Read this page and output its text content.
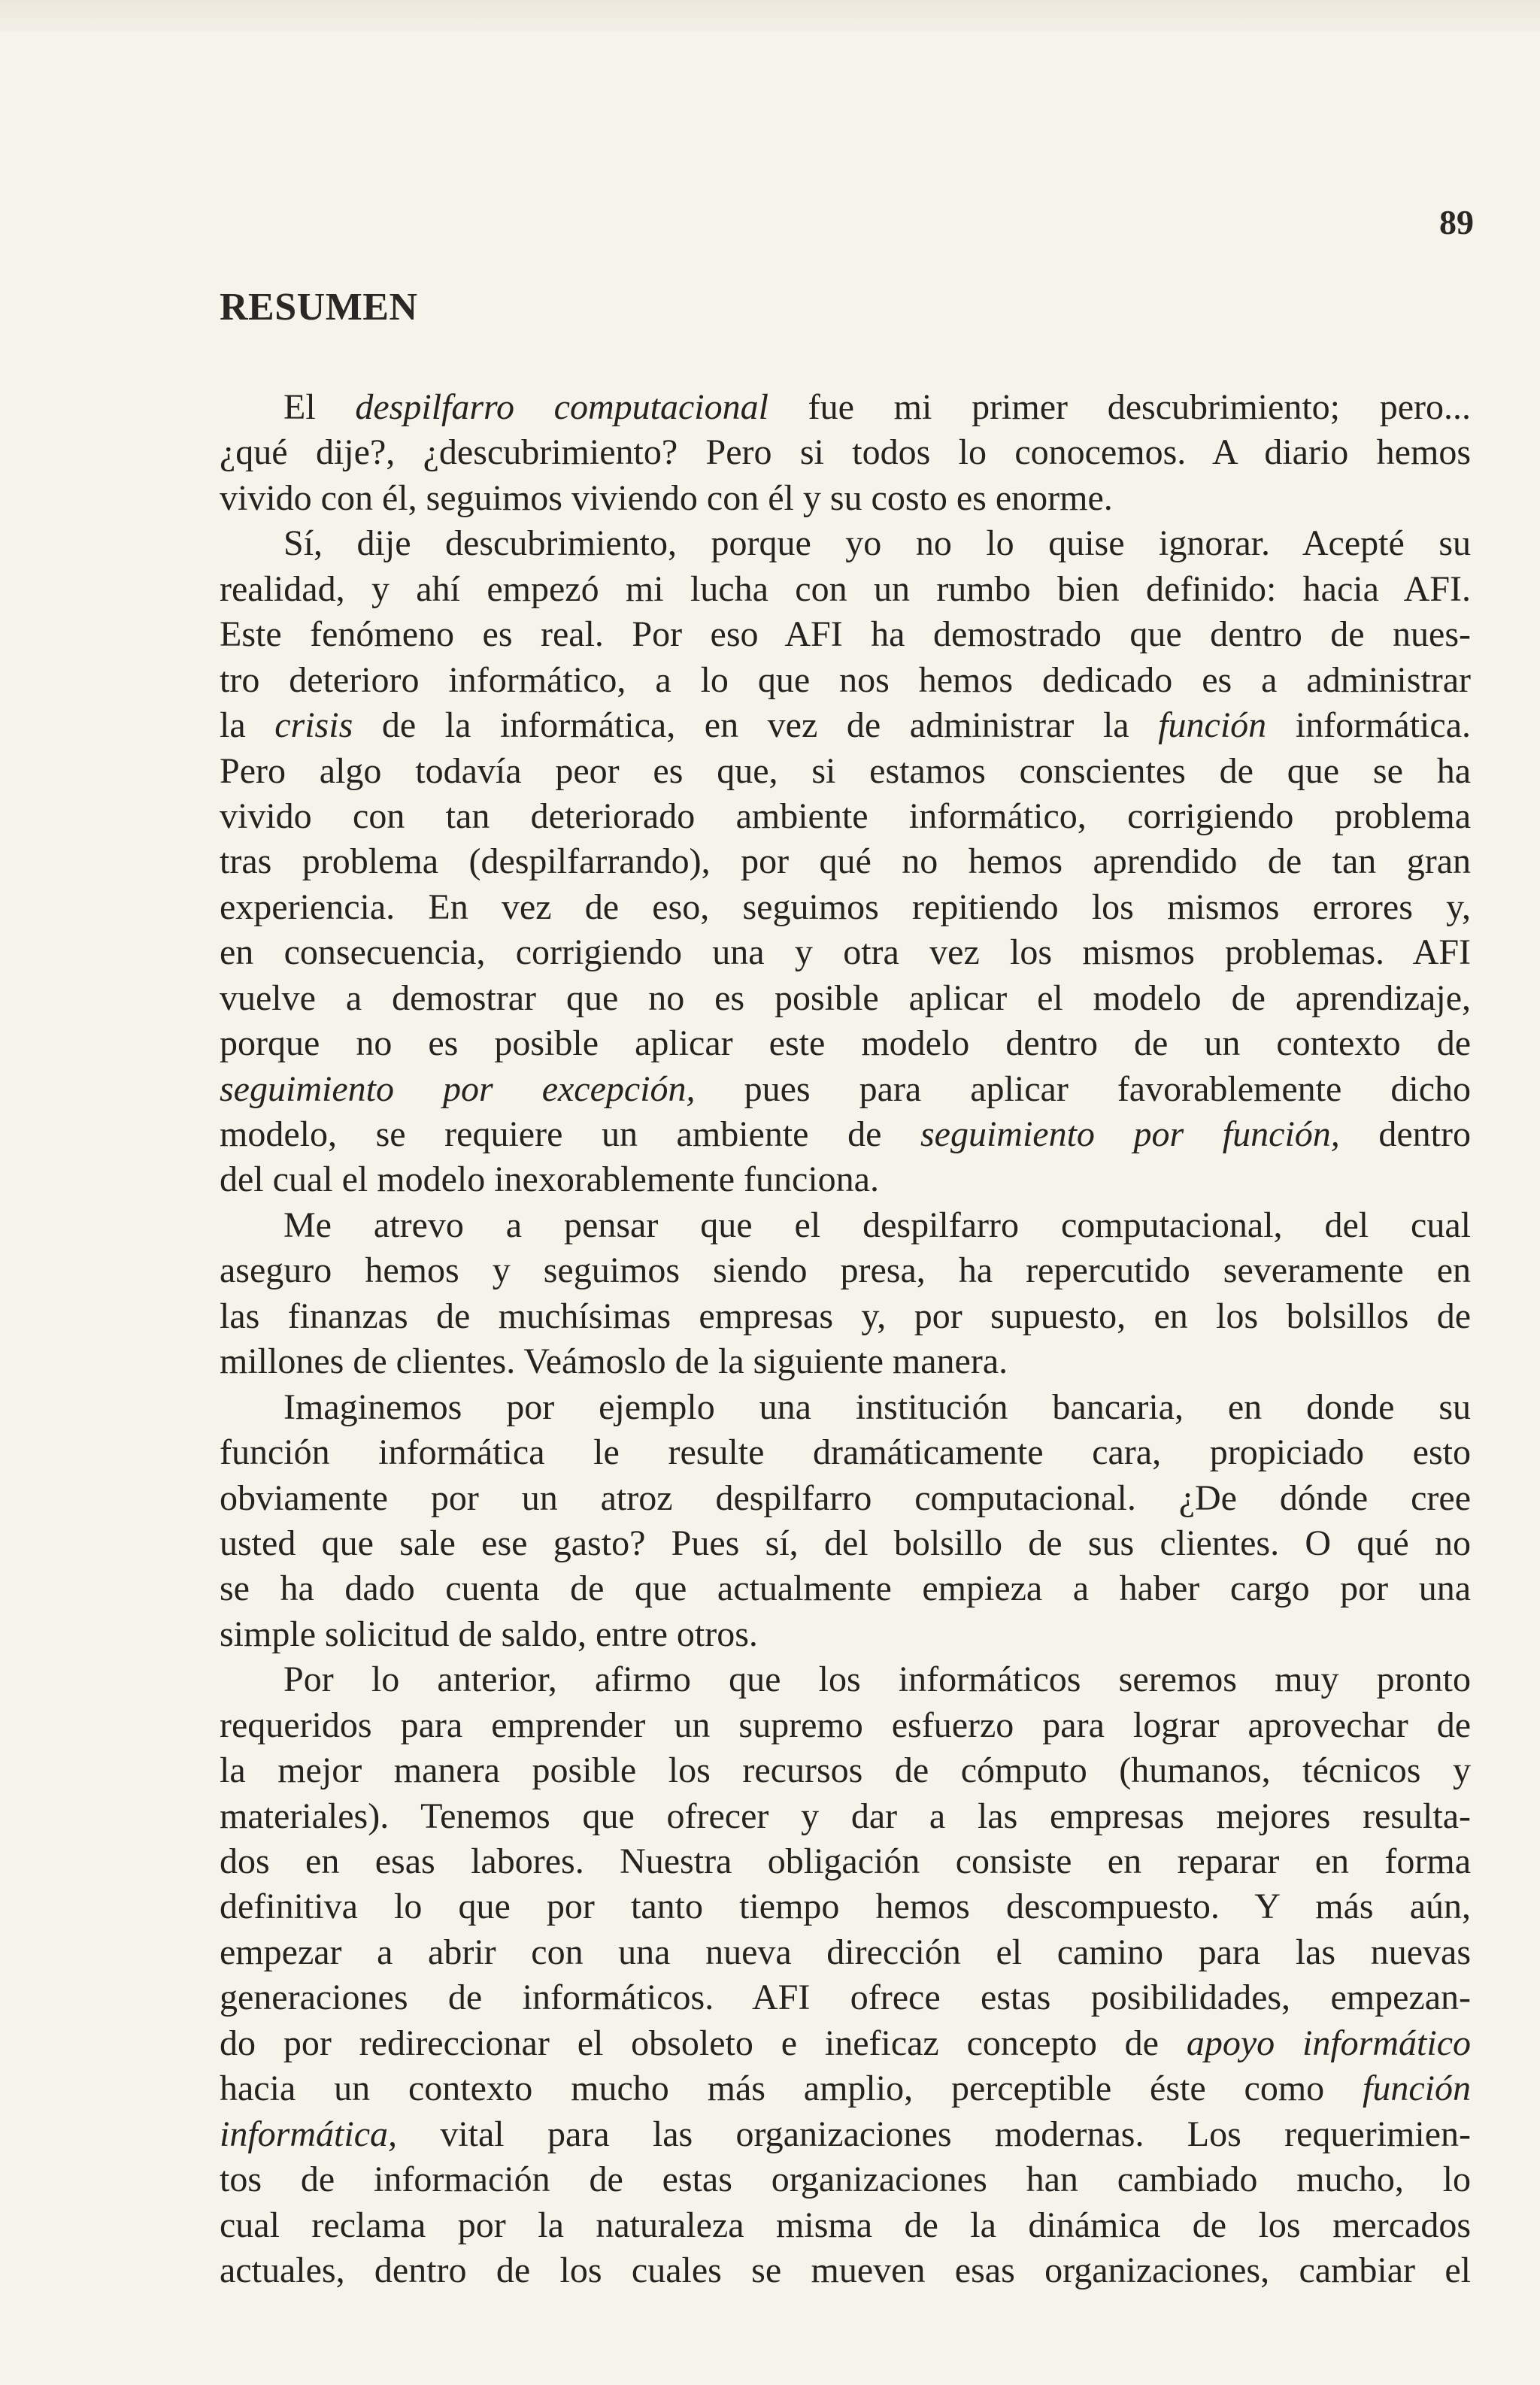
89
RESUMEN
El despilfarro computacional fue mi primer descubrimiento; pero...
¿qué dije?, ¿descubrimiento? Pero si todos lo conocemos. A diario hemos
vivido con él, seguimos viviendo con él y su costo es enorme.
Sí, dije descubrimiento, porque yo no lo quise ignorar. Acepté su
realidad, y ahí empezó mi lucha con un rumbo bien definido: hacia AFI.
Este fenómeno es real. Por eso AFI ha demostrado que dentro de nues-
tro deterioro informático, a lo que nos hemos dedicado es a administrar
la crisis de la informática, en vez de administrar la función informática.
Pero algo todavía peor es que, si estamos conscientes de que se ha
vivido con tan deteriorado ambiente informático, corrigiendo problema
tras problema (despilfarrando), por qué no hemos aprendido de tan gran
experiencia. En vez de eso, seguimos repitiendo los mismos errores y,
en consecuencia, corrigiendo una y otra vez los mismos problemas. AFI
vuelve a demostrar que no es posible aplicar el modelo de aprendizaje,
porque no es posible aplicar este modelo dentro de un contexto de
seguimiento por excepción, pues para aplicar favorablemente dicho
modelo, se requiere un ambiente de seguimiento por función, dentro
del cual el modelo inexorablemente funciona.
Me atrevo a pensar que el despilfarro computacional, del cual
aseguro hemos y seguimos siendo presa, ha repercutido severamente en
las finanzas de muchísimas empresas y, por supuesto, en los bolsillos de
millones de clientes. Veámoslo de la siguiente manera.
Imaginemos por ejemplo una institución bancaria, en donde su
función informática le resulte dramáticamente cara, propiciado esto
obviamente por un atroz despilfarro computacional. ¿De dónde cree
usted que sale ese gasto? Pues sí, del bolsillo de sus clientes. O qué no
se ha dado cuenta de que actualmente empieza a haber cargo por una
simple solicitud de saldo, entre otros.
Por lo anterior, afirmo que los informáticos seremos muy pronto
requeridos para emprender un supremo esfuerzo para lograr aprovechar de
la mejor manera posible los recursos de cómputo (humanos, técnicos y
materiales). Tenemos que ofrecer y dar a las empresas mejores resulta-
dos en esas labores. Nuestra obligación consiste en reparar en forma
definitiva lo que por tanto tiempo hemos descompuesto. Y más aún,
empezar a abrir con una nueva dirección el camino para las nuevas
generaciones de informáticos. AFI ofrece estas posibilidades, empezan-
do por redireccionar el obsoleto e ineficaz concepto de apoyo informático
hacia un contexto mucho más amplio, perceptible éste como función
informática, vital para las organizaciones modernas. Los requerimien-
tos de información de estas organizaciones han cambiado mucho, lo
cual reclama por la naturaleza misma de la dinámica de los mercados
actuales, dentro de los cuales se mueven esas organizaciones, cambiar el
